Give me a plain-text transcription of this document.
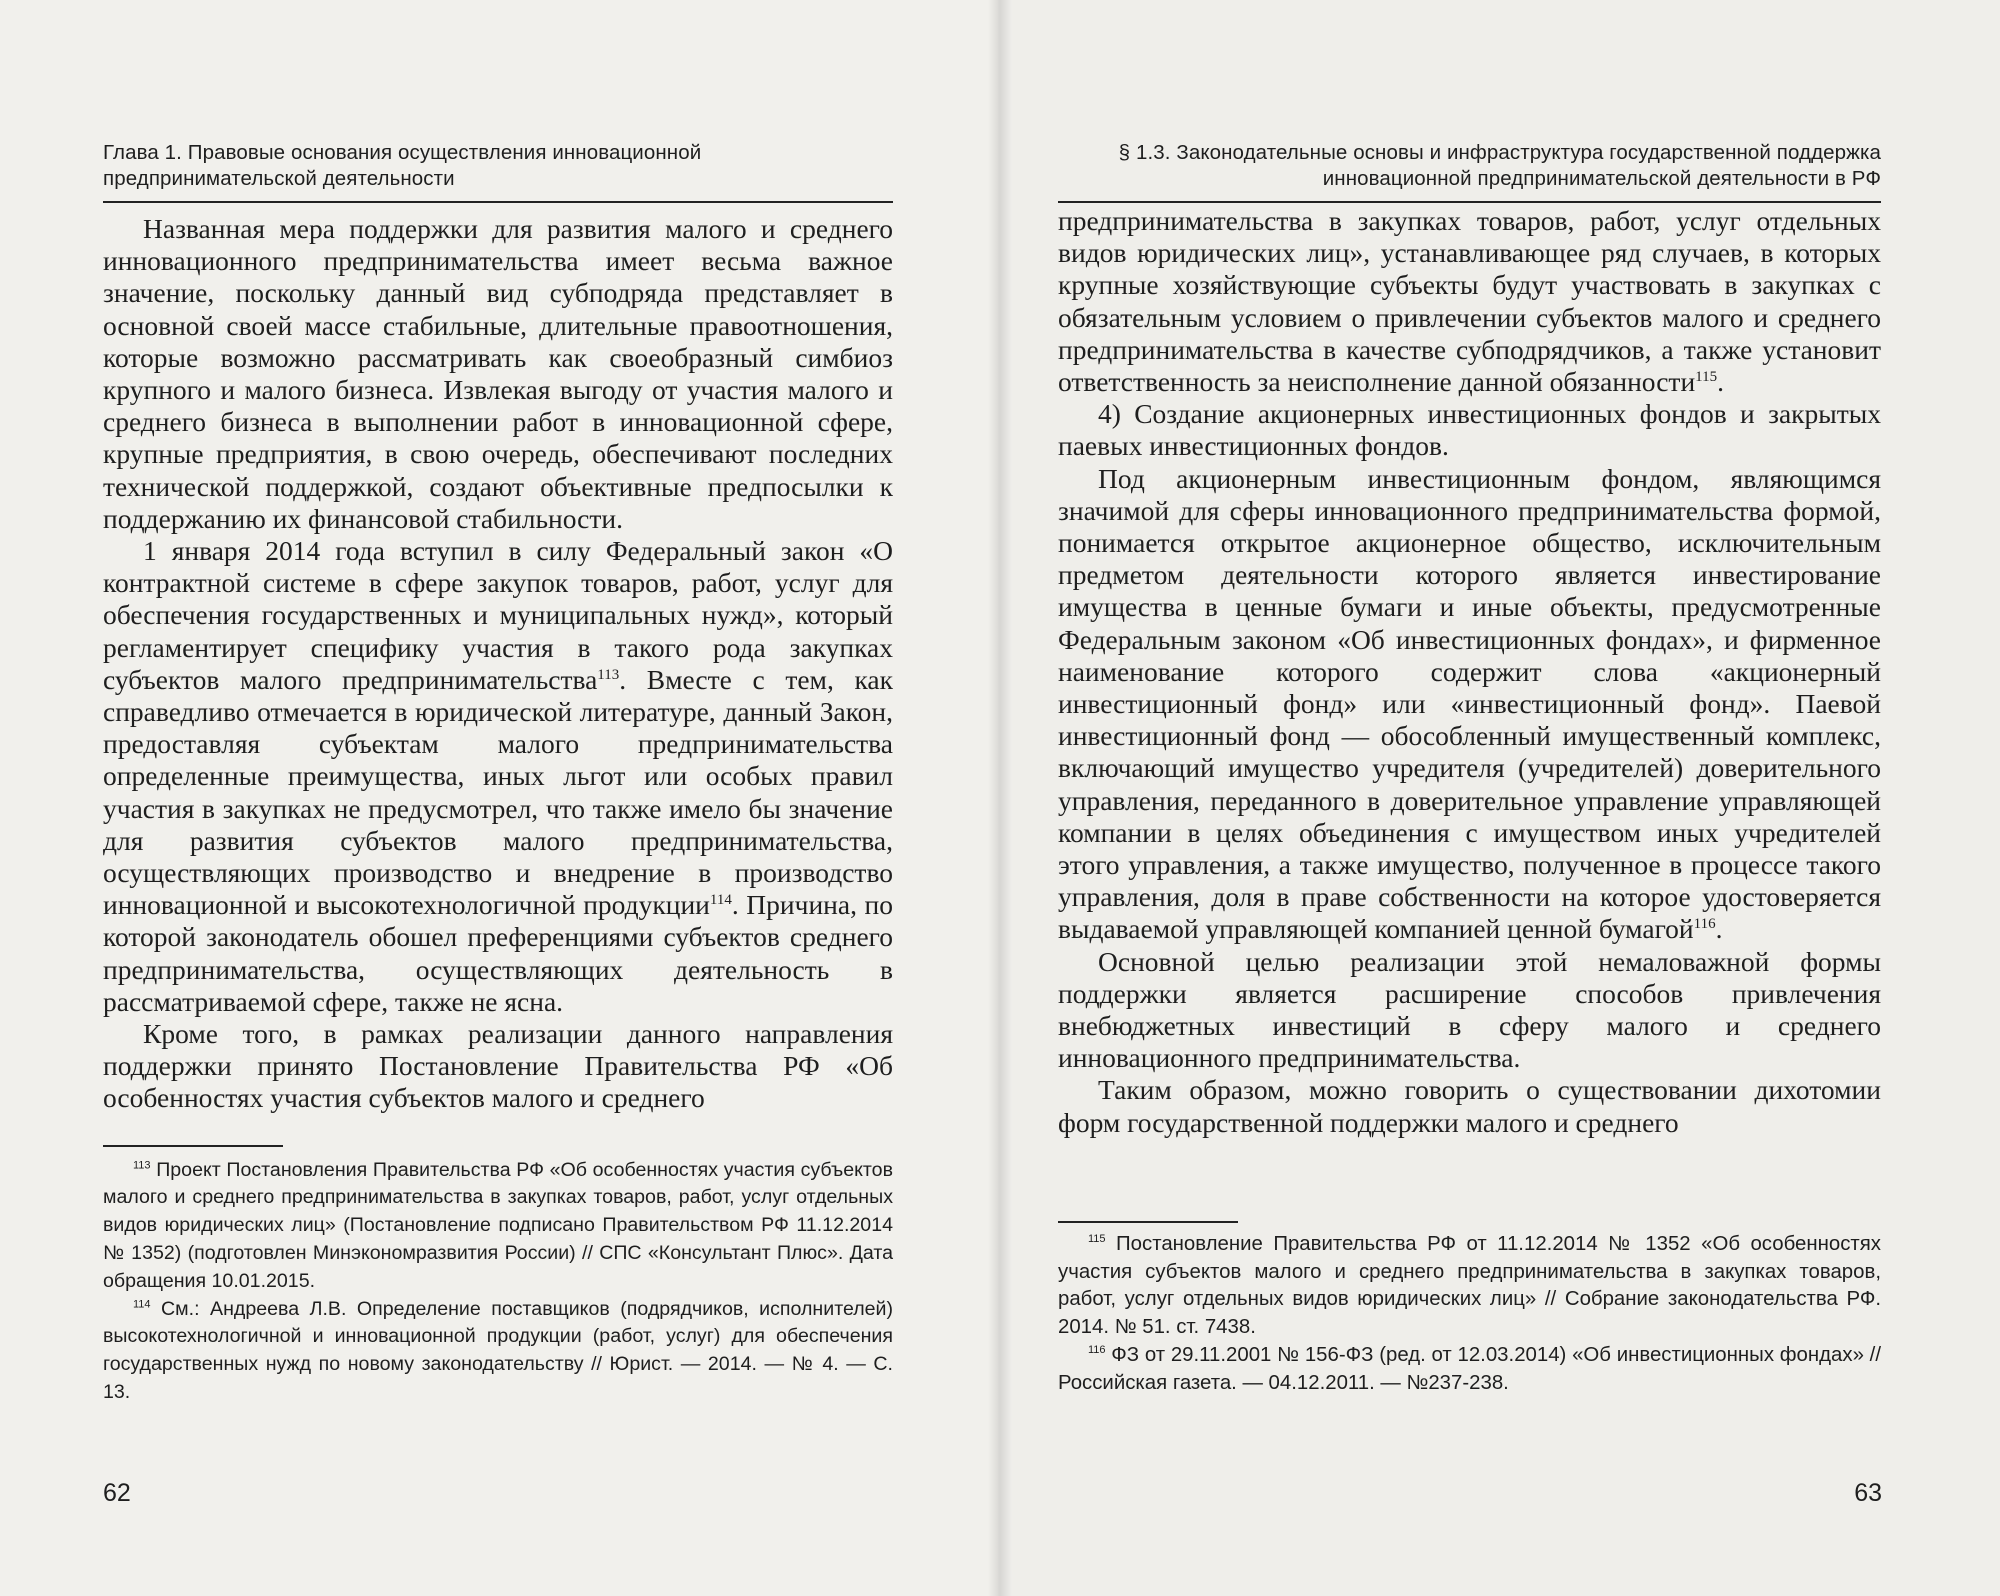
Глава 1. Правовые основания осуществления инновационной предпринимательской деятельности

Названная мера поддержки для развития малого и среднего инновационного предпринимательства имеет весьма важное значение, поскольку данный вид субподряда представляет в основной своей массе стабильные, длительные правоотношения, которые возможно рассматривать как своеобразный симбиоз крупного и малого бизнеса. Извлекая выгоду от участия малого и среднего бизнеса в выполнении работ в инновационной сфере, крупные предприятия, в свою очередь, обеспечивают последних технической поддержкой, создают объективные предпосылки к поддержанию их финансовой стабильности.

1 января 2014 года вступил в силу Федеральный закон «О контрактной системе в сфере закупок товаров, работ, услуг для обеспечения государственных и муниципальных нужд», который регламентирует специфику участия в такого рода закупках субъектов малого предпринимательства$^{113}$. Вместе с тем, как справедливо отмечается в юридической литературе, данный Закон, предоставляя субъектам малого предпринимательства определенные преимущества, иных льгот или особых правил участия в закупках не предусмотрел, что также имело бы значение для развития субъектов малого предпринимательства, осуществляющих производство и внедрение в производство инновационной и высокотехнологичной продукции$^{114}$. Причина, по которой законодатель обошел преференциями субъектов среднего предпринимательства, осуществляющих деятельность в рассматриваемой сфере, также не ясна.

Кроме того, в рамках реализации данного направления поддержки принято Постановление Правительства РФ «Об особенностях участия субъектов малого и среднего

$^{113}$ Проект Постановления Правительства РФ «Об особенностях участия субъектов малого и среднего предпринимательства в закупках товаров, работ, услуг отдельных видов юридических лиц» (Постановление подписано Правительством РФ 11.12.2014 № 1352) (подготовлен Минэкономразвития России) // СПС «Консультант Плюс». Дата обращения 10.01.2015.

$^{114}$ См.: Андреева Л.В. Определение поставщиков (подрядчиков, исполнителей) высокотехнологичной и инновационной продукции (работ, услуг) для обеспечения государственных нужд по новому законодательству // Юрист. — 2014. — № 4. — С. 13.

62
§ 1.3. Законодательные основы и инфраструктура государственной поддержка инновационной предпринимательской деятельности в РФ

предпринимательства в закупках товаров, работ, услуг отдельных видов юридических лиц», устанавливающее ряд случаев, в которых крупные хозяйствующие субъекты будут участвовать в закупках с обязательным условием о привлечении субъектов малого и среднего предпринимательства в качестве субподрядчиков, а также установит ответственность за неисполнение данной обязанности$^{115}$.

4) Создание акционерных инвестиционных фондов и закрытых паевых инвестиционных фондов.

Под акционерным инвестиционным фондом, являющимся значимой для сферы инновационного предпринимательства формой, понимается открытое акционерное общество, исключительным предметом деятельности которого является инвестирование имущества в ценные бумаги и иные объекты, предусмотренные Федеральным законом «Об инвестиционных фондах», и фирменное наименование которого содержит слова «акционерный инвестиционный фонд» или «инвестиционный фонд». Паевой инвестиционный фонд — обособленный имущественный комплекс, включающий имущество учредителя (учредителей) доверительного управления, переданного в доверительное управление управляющей компании в целях объединения с имуществом иных учредителей этого управления, а также имущество, полученное в процессе такого управления, доля в праве собственности на которое удостоверяется выдаваемой управляющей компанией ценной бумагой$^{116}$.

Основной целью реализации этой немаловажной формы поддержки является расширение способов привлечения внебюджетных инвестиций в сферу малого и среднего инновационного предпринимательства.

Таким образом, можно говорить о существовании дихотомии форм государственной поддержки малого и среднего

$^{115}$ Постановление Правительства РФ от 11.12.2014 № 1352 «Об особенностях участия субъектов малого и среднего предпринимательства в закупках товаров, работ, услуг отдельных видов юридических лиц» // Собрание законодательства РФ. 2014. № 51. ст. 7438.

$^{116}$ ФЗ от 29.11.2001 № 156-ФЗ (ред. от 12.03.2014) «Об инвестиционных фондах» // Российская газета. — 04.12.2011. — №237-238.

63
